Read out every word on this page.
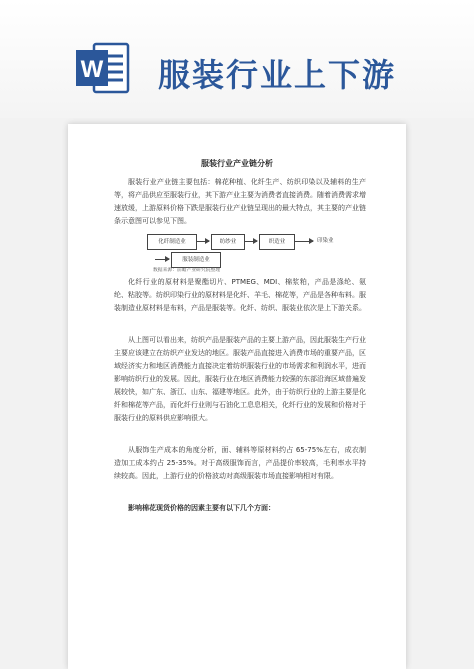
W 服装行业上下游
服装行业产业链分析

服装行业产业链主要包括：棉花种植、化纤生产、纺织印染以及辅料的生产等，将产品供应至服装行业，其下游产业主要为消费者直接消费。随着消费需求增速放缓，上游原料价格下跌是服装行业产业链呈现出的最大特点，其主要的产业链条示意图可以参见下图。

化纤制造业	纺纱业	织造业	印染业
服装制造业
数据来源：前瞻产业研究院整理

化纤行业的原材料是聚酯切片、PTMEG、MDI、棉浆粕，产品是涤纶、氨纶、粘胶等。纺织印染行业的原材料是化纤、羊毛、棉花等，产品是各种布料。服装制造业原材料是布料，产品是服装等。化纤、纺织、服装业依次是上下游关系。

从上图可以看出来，纺织产品是服装产品的主要上游产品，因此服装生产行业主要应该建立在纺织产业发达的地区。服装产品直接进入消费市场的重要产品，区域经济实力和地区消费能力直接决定着纺织服装行业的市场需求和利润水平，进而影响纺织行业的发展。因此，服装行业在地区消费能力较强的东部沿海区域普遍发展较快，如广东、浙江、山东、福建等地区。此外，由于纺织行业的上游主要是化纤和棉花等产品，而化纤行业则与石油化工息息相关，化纤行业的发展和价格对于服装行业的原料供应影响很大。

从服饰生产成本的角度分析，面、辅料等原材料约占 65-75%左右，成衣制造加工成本约占 25-35%。对于高级服饰而言，产品提价率较高，毛利率水平持续较高。因此，上游行业的价格波动对高级服装市场直接影响相对有限。

影响棉花现货价格的因素主要有以下几个方面：
